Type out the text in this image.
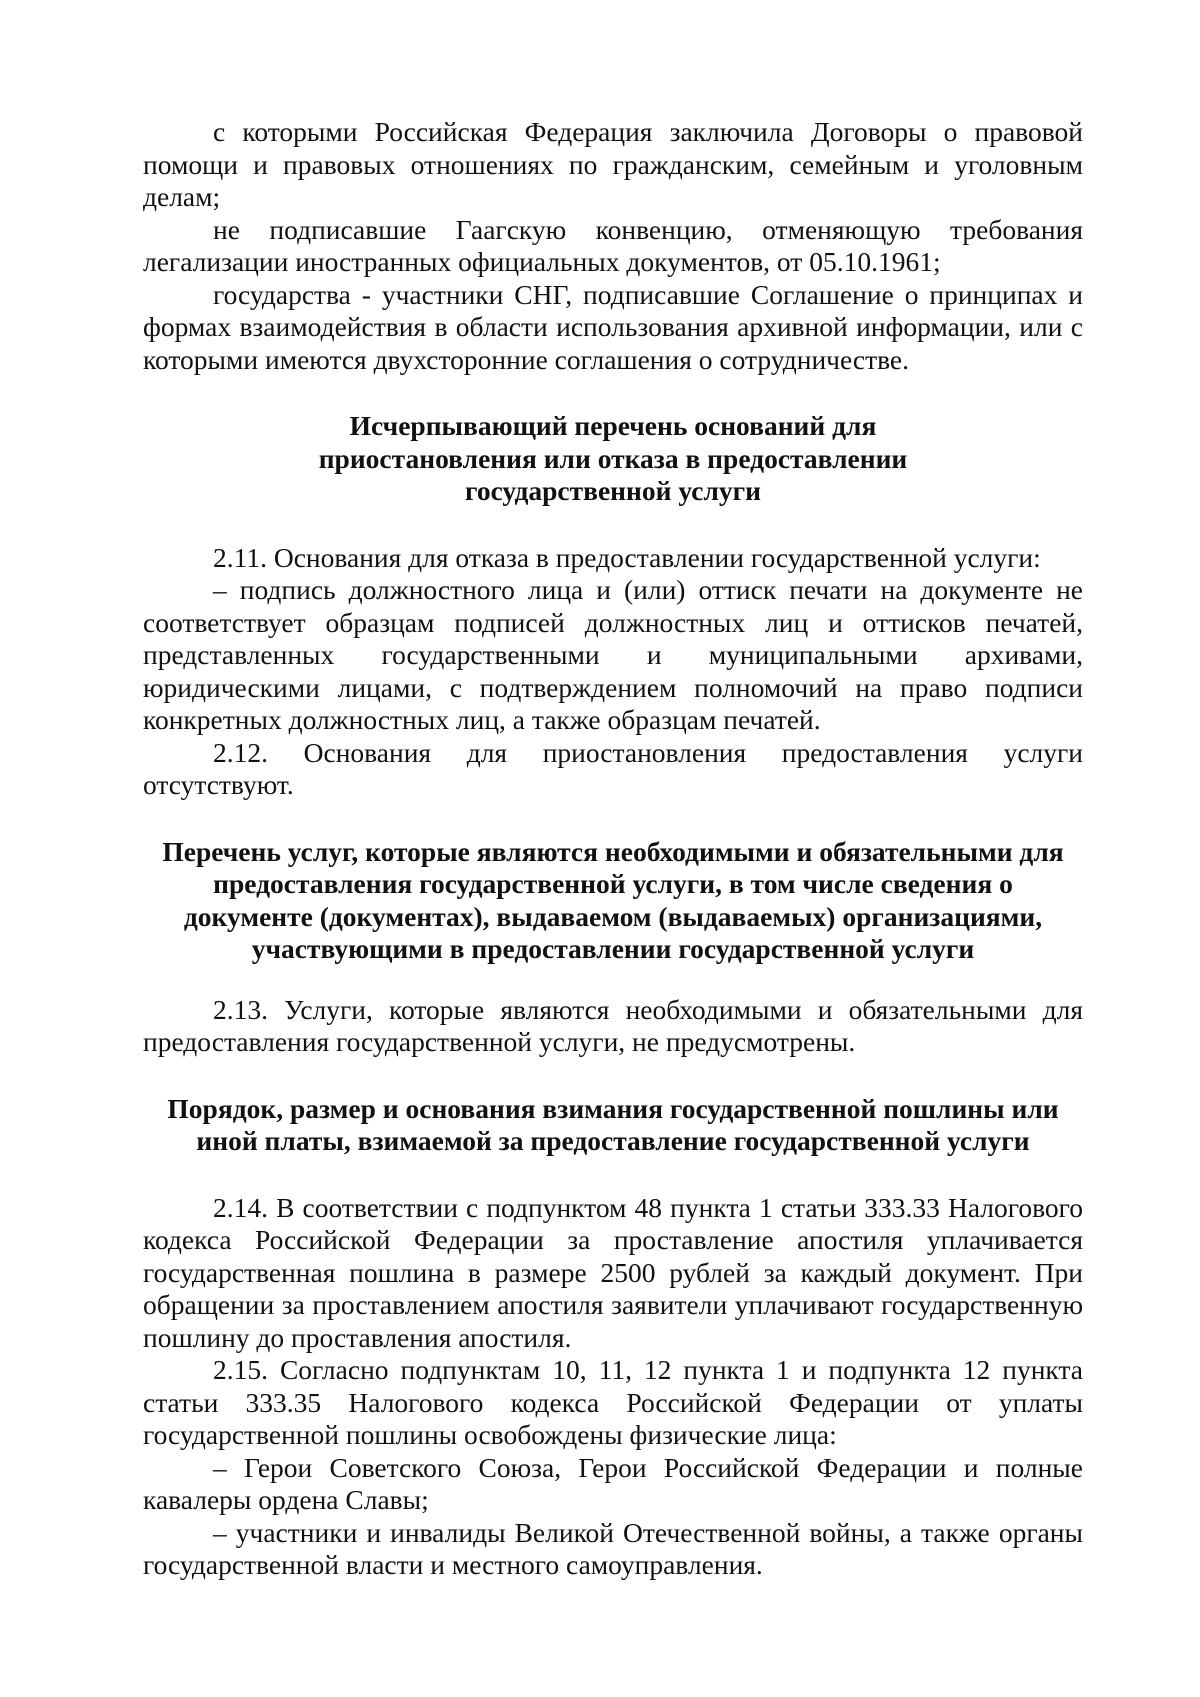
с которыми Российская Федерация заключила Договоры о правовой помощи и правовых отношениях по гражданским, семейным и уголовным делам;

не подписавшие Гаагскую конвенцию, отменяющую требования легализации иностранных официальных документов, от 05.10.1961;

государства - участники СНГ, подписавшие Соглашение о принципах и формах взаимодействия в области использования архивной информации, или с которыми имеются двухсторонние соглашения о сотрудничестве.

Исчерпывающий перечень оснований для

приостановления или отказа в предоставлении

государственной услуги

2.11. Основания для отказа в предоставлении государственной услуги:

– подпись должностного лица и (или) оттиск печати на документе не соответствует образцам подписей должностных лиц и оттисков печатей, представленных государственными и муниципальными архивами, юридическими лицами, с подтверждением полномочий на право подписи конкретных должностных лиц, а также образцам печатей.

2.12. Основания для приостановления предоставления услуги отсутствуют.

Перечень услуг, которые являются необходимыми и обязательными для

предоставления государственной услуги, в том числе сведения о

документе (документах), выдаваемом (выдаваемых) организациями,

участвующими в предоставлении государственной услуги

2.13. Услуги, которые являются необходимыми и обязательными для предоставления государственной услуги, не предусмотрены.

Порядок, размер и основания взимания государственной пошлины или

иной платы, взимаемой за предоставление государственной услуги

2.14. В соответствии с подпунктом 48 пункта 1 статьи 333.33 Налогового кодекса Российской Федерации за проставление апостиля уплачивается государственная пошлина в размере 2500 рублей за каждый документ. При обращении за проставлением апостиля заявители уплачивают государственную пошлину до проставления апостиля.

2.15. Согласно подпунктам 10, 11, 12 пункта 1 и подпункта 12 пункта статьи 333.35 Налогового кодекса Российской Федерации от уплаты государственной пошлины освобождены физические лица:

– Герои Советского Союза, Герои Российской Федерации и полные кавалеры ордена Славы;

– участники и инвалиды Великой Отечественной войны, а также органы государственной власти и местного самоуправления.
